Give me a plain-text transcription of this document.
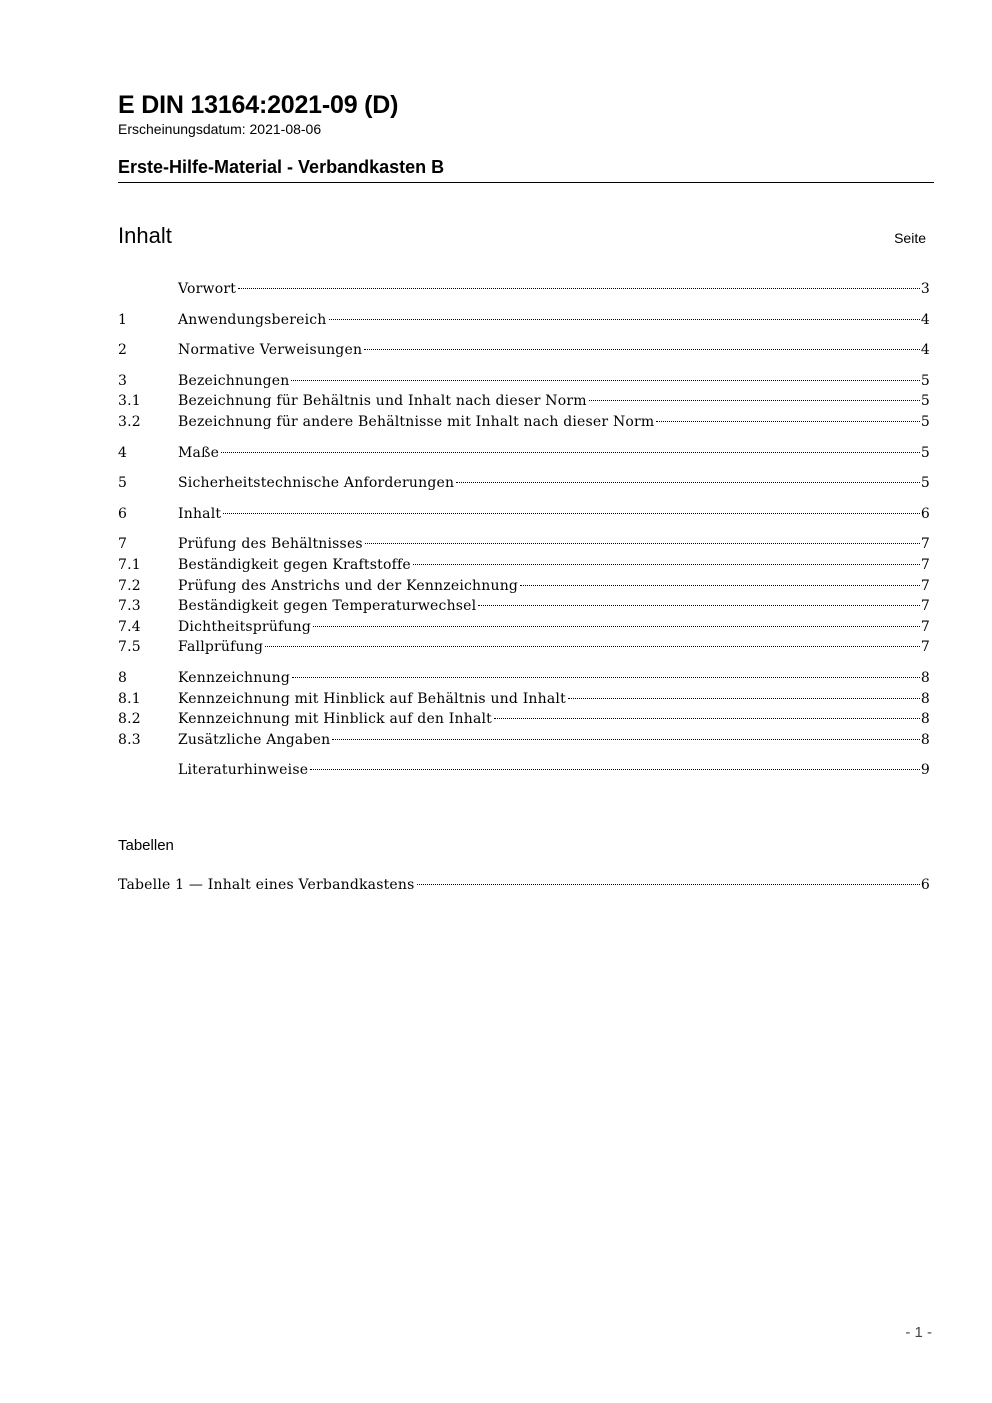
E DIN 13164:2021-09 (D)
Erscheinungsdatum: 2021-08-06
Erste-Hilfe-Material - Verbandkasten B
Inhalt	Seite
Vorwort	3
1	Anwendungsbereich	4
2	Normative Verweisungen	4
3	Bezeichnungen	5
3.1	Bezeichnung für Behältnis und Inhalt nach dieser Norm	5
3.2	Bezeichnung für andere Behältnisse mit Inhalt nach dieser Norm	5
4	Maße	5
5	Sicherheitstechnische Anforderungen	5
6	Inhalt	6
7	Prüfung des Behältnisses	7
7.1	Beständigkeit gegen Kraftstoffe	7
7.2	Prüfung des Anstrichs und der Kennzeichnung	7
7.3	Beständigkeit gegen Temperaturwechsel	7
7.4	Dichtheitsprüfung	7
7.5	Fallprüfung	7
8	Kennzeichnung	8
8.1	Kennzeichnung mit Hinblick auf Behältnis und Inhalt	8
8.2	Kennzeichnung mit Hinblick auf den Inhalt	8
8.3	Zusätzliche Angaben	8
Literaturhinweise	9
Tabellen
Tabelle 1 — Inhalt eines Verbandkastens	6
- 1 -
